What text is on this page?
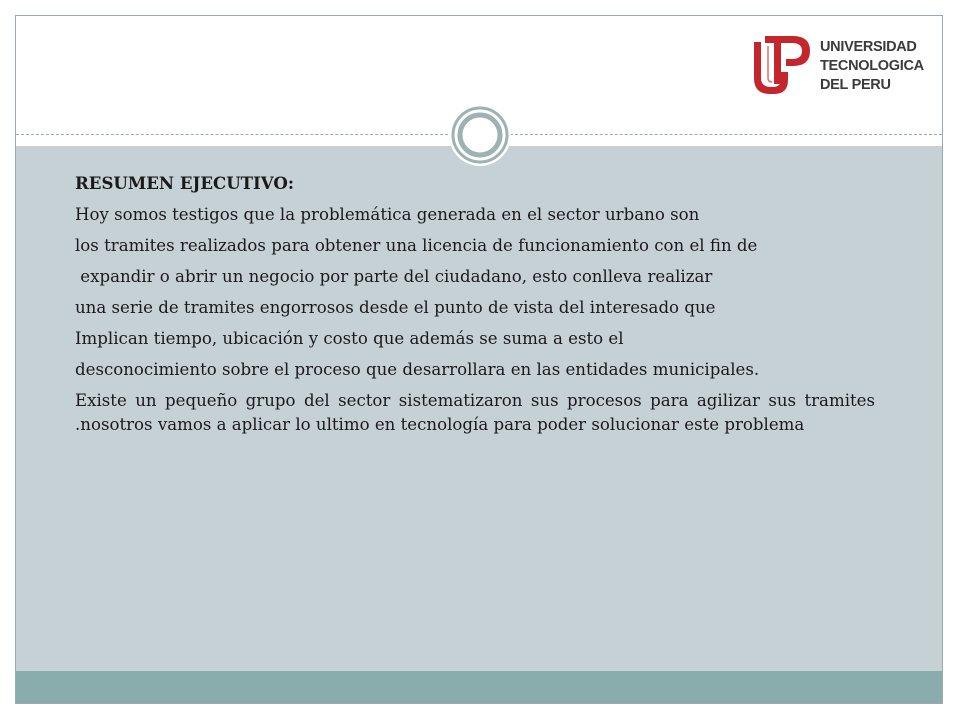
UNIVERSIDAD
TECNOLOGICA
DEL PERU
RESUMEN EJECUTIVO:
Hoy somos testigos que la problemática generada en el sector urbano son
los tramites realizados para obtener una licencia de funcionamiento con el fin de
expandir o abrir un negocio por parte del ciudadano, esto conlleva realizar
una serie de tramites engorrosos desde el punto de vista del interesado que
Implican tiempo, ubicación y costo que además se suma a esto el
desconocimiento sobre el proceso que desarrollara en las entidades municipales.
Existe un pequeño grupo del sector sistematizaron sus procesos para agilizar sus tramites .nosotros vamos a aplicar lo ultimo en tecnología para poder solucionar este problema
